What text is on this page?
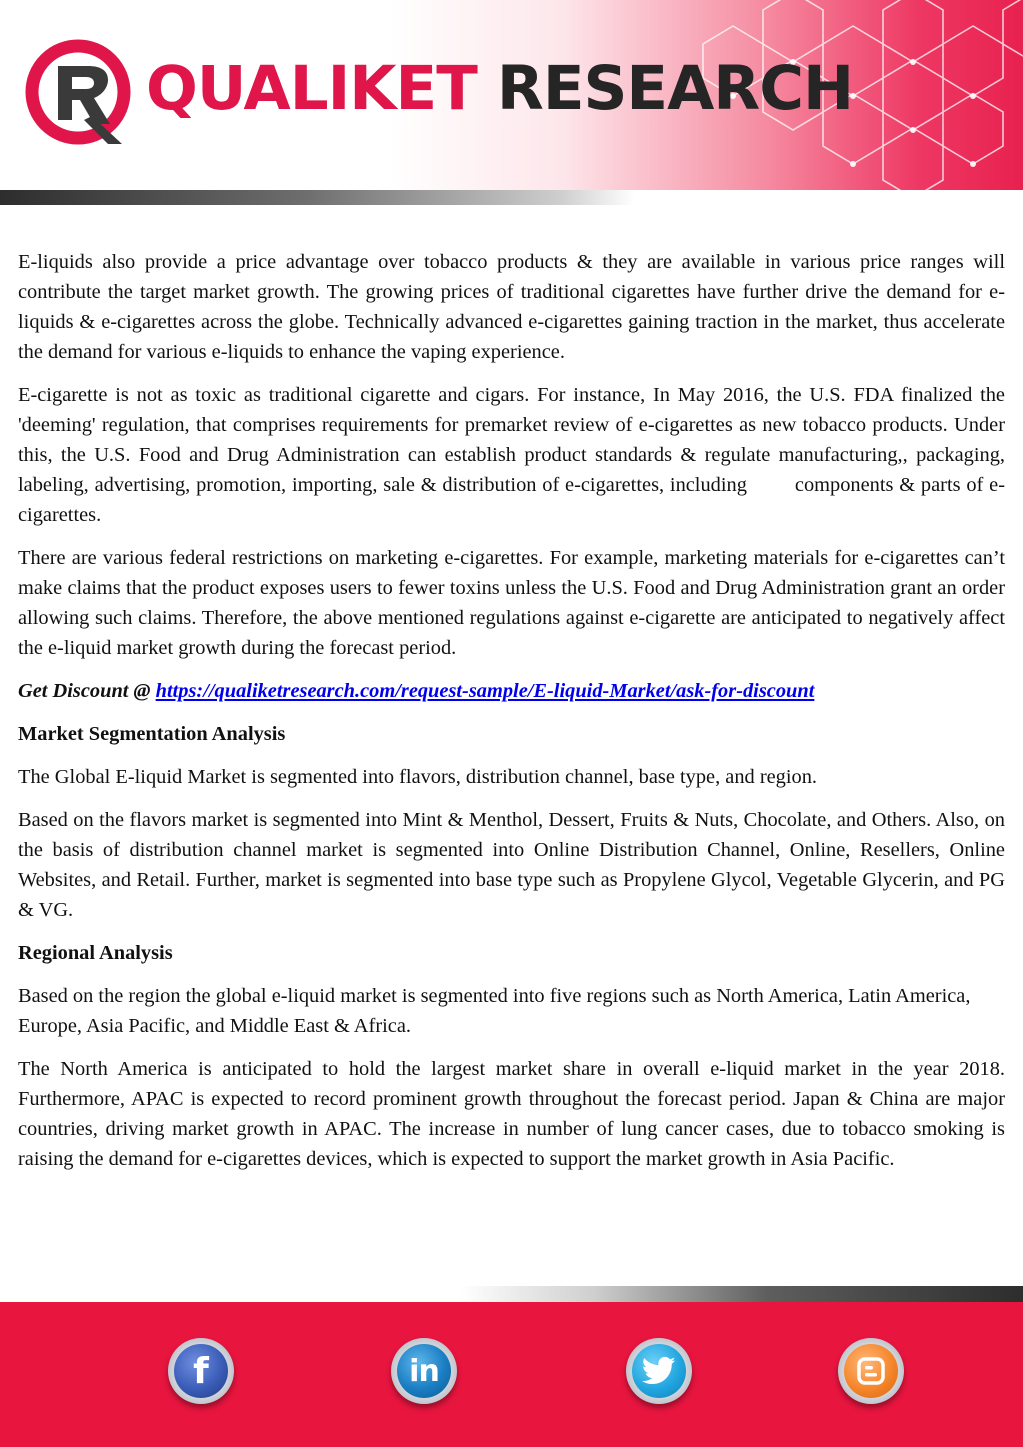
QUALIKET RESEARCH

E-liquids also provide a price advantage over tobacco products & they are available in various price ranges will contribute the target market growth. The growing prices of traditional cigarettes have further drive the demand for e-liquids & e-cigarettes across the globe. Technically advanced e-cigarettes gaining traction in the market, thus accelerate the demand for various e-liquids to enhance the vaping experience.

E-cigarette is not as toxic as traditional cigarette and cigars. For instance, In May 2016, the U.S. FDA finalized the 'deeming' regulation, that comprises requirements for premarket review of e-cigarettes as new tobacco products. Under this, the U.S. Food and Drug Administration can establish product standards & regulate manufacturing,, packaging, labeling, advertising, promotion, importing, sale & distribution of e-cigarettes, including components & parts of e-cigarettes.

There are various federal restrictions on marketing e-cigarettes. For example, marketing materials for e-cigarettes can’t make claims that the product exposes users to fewer toxins unless the U.S. Food and Drug Administration grant an order allowing such claims. Therefore, the above mentioned regulations against e-cigarette are anticipated to negatively affect the e-liquid market growth during the forecast period.

Get Discount @ https://qualiketresearch.com/request-sample/E-liquid-Market/ask-for-discount
Market Segmentation Analysis

The Global E-liquid Market is segmented into flavors, distribution channel, base type, and region.

Based on the flavors market is segmented into Mint & Menthol, Dessert, Fruits & Nuts, Chocolate, and Others. Also, on the basis of distribution channel market is segmented into Online Distribution Channel, Online, Resellers, Online Websites, and Retail. Further, market is segmented into base type such as Propylene Glycol, Vegetable Glycerin, and PG & VG.

Regional Analysis

Based on the region the global e-liquid market is segmented into five regions such as North America, Latin America, Europe, Asia Pacific, and Middle East & Africa.

The North America is anticipated to hold the largest market share in overall e-liquid market in the year 2018. Furthermore, APAC is expected to record prominent growth throughout the forecast period. Japan & China are major countries, driving market growth in APAC. The increase in number of lung cancer cases, due to tobacco smoking is raising the demand for e-cigarettes devices, which is expected to support the market growth in Asia Pacific.

f	in
